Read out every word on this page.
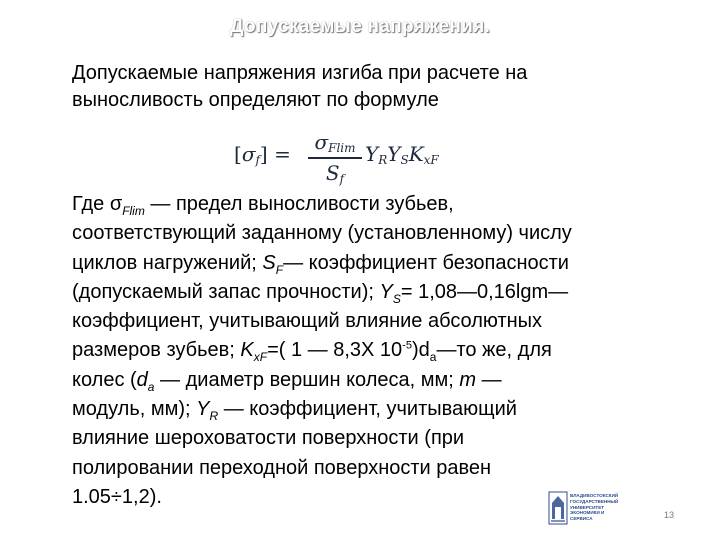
Допускаемые напряжения.
Допускаемые напряжения изгиба при расчете на
выносливость определяют по формуле
$[\sigma_f] = \frac{\sigma_{Flim}}{S_f} Y_RY_SK_{xF}$
Где $\sigma_{Flim}$ — предел выносливости зубьев,
соответствующий заданному (установленному) числу
циклов нагружений; $S_F—$ коэффициент безопасности
(допускаемый запас прочности); $Y_S=$ 1,08—0,16lgm—
коэффициент, учитывающий влияние абсолютных
размеров зубьев; $K_{xF}=$( 1 — 8,3X $10^{-5})d_a—то$ же, для
колес ($d_a$ — диаметр вершин колеса, мм; m —
модуль, мм); $Y_R$ — коэффициент, учитывающий
влияние шероховатости поверхности (при
полировании переходной поверхности равен
1.05÷1,2).	ВЛАДИВОСТОКСКИЙ
ГОСУДАРСТВЕННЫЙ
УНИВЕРСИТЕТ
ЭКОНОМИКИ И
СЕРВИСА	13
